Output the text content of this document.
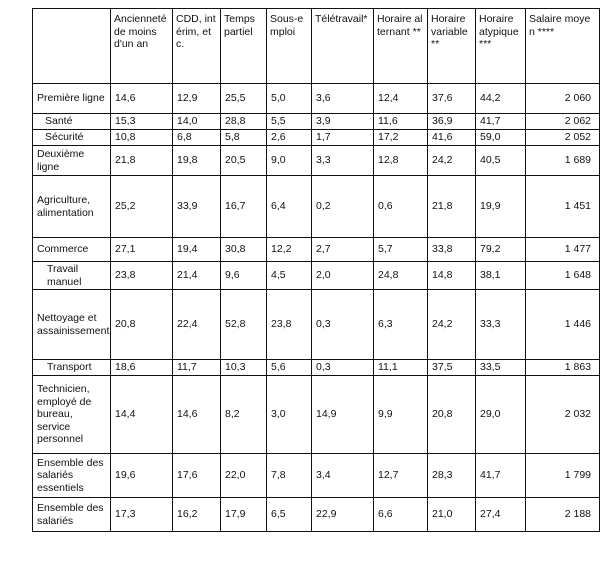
	Ancienneté de moins d'un an	CDD, intérim, etc.	Temps partiel	Sous-emploi	Télétravail*	Horaire alternant **	Horaire variable **	Horaire atypique ***	Salaire moyen ****
Première ligne	14,6	12,9	25,5	5,0	3,6	12,4	37,6	44,2	2 060
Santé	15,3	14,0	28,8	5,5	3,9	11,6	36,9	41,7	2 062
Sécurité	10,8	6,8	5,8	2,6	1,7	17,2	41,6	59,0	2 052
Deuxième ligne	21,8	19,8	20,5	9,0	3,3	12,8	24,2	40,5	1 689
Agriculture, alimentation	25,2	33,9	16,7	6,4	0,2	0,6	21,8	19,9	1 451
Commerce	27,1	19,4	30,8	12,2	2,7	5,7	33,8	79,2	1 477
Travail manuel	23,8	21,4	9,6	4,5	2,0	24,8	14,8	38,1	1 648
Nettoyage et assainissement	20,8	22,4	52,8	23,8	0,3	6,3	24,2	33,3	1 446
Transport	18,6	11,7	10,3	5,6	0,3	11,1	37,5	33,5	1 863
Technicien, employé de bureau, service personnel	14,4	14,6	8,2	3,0	14,9	9,9	20,8	29,0	2 032
Ensemble des salariés essentiels	19,6	17,6	22,0	7,8	3,4	12,7	28,3	41,7	1 799
Ensemble des salariés	17,3	16,2	17,9	6,5	22,9	6,6	21,0	27,4	2 188
